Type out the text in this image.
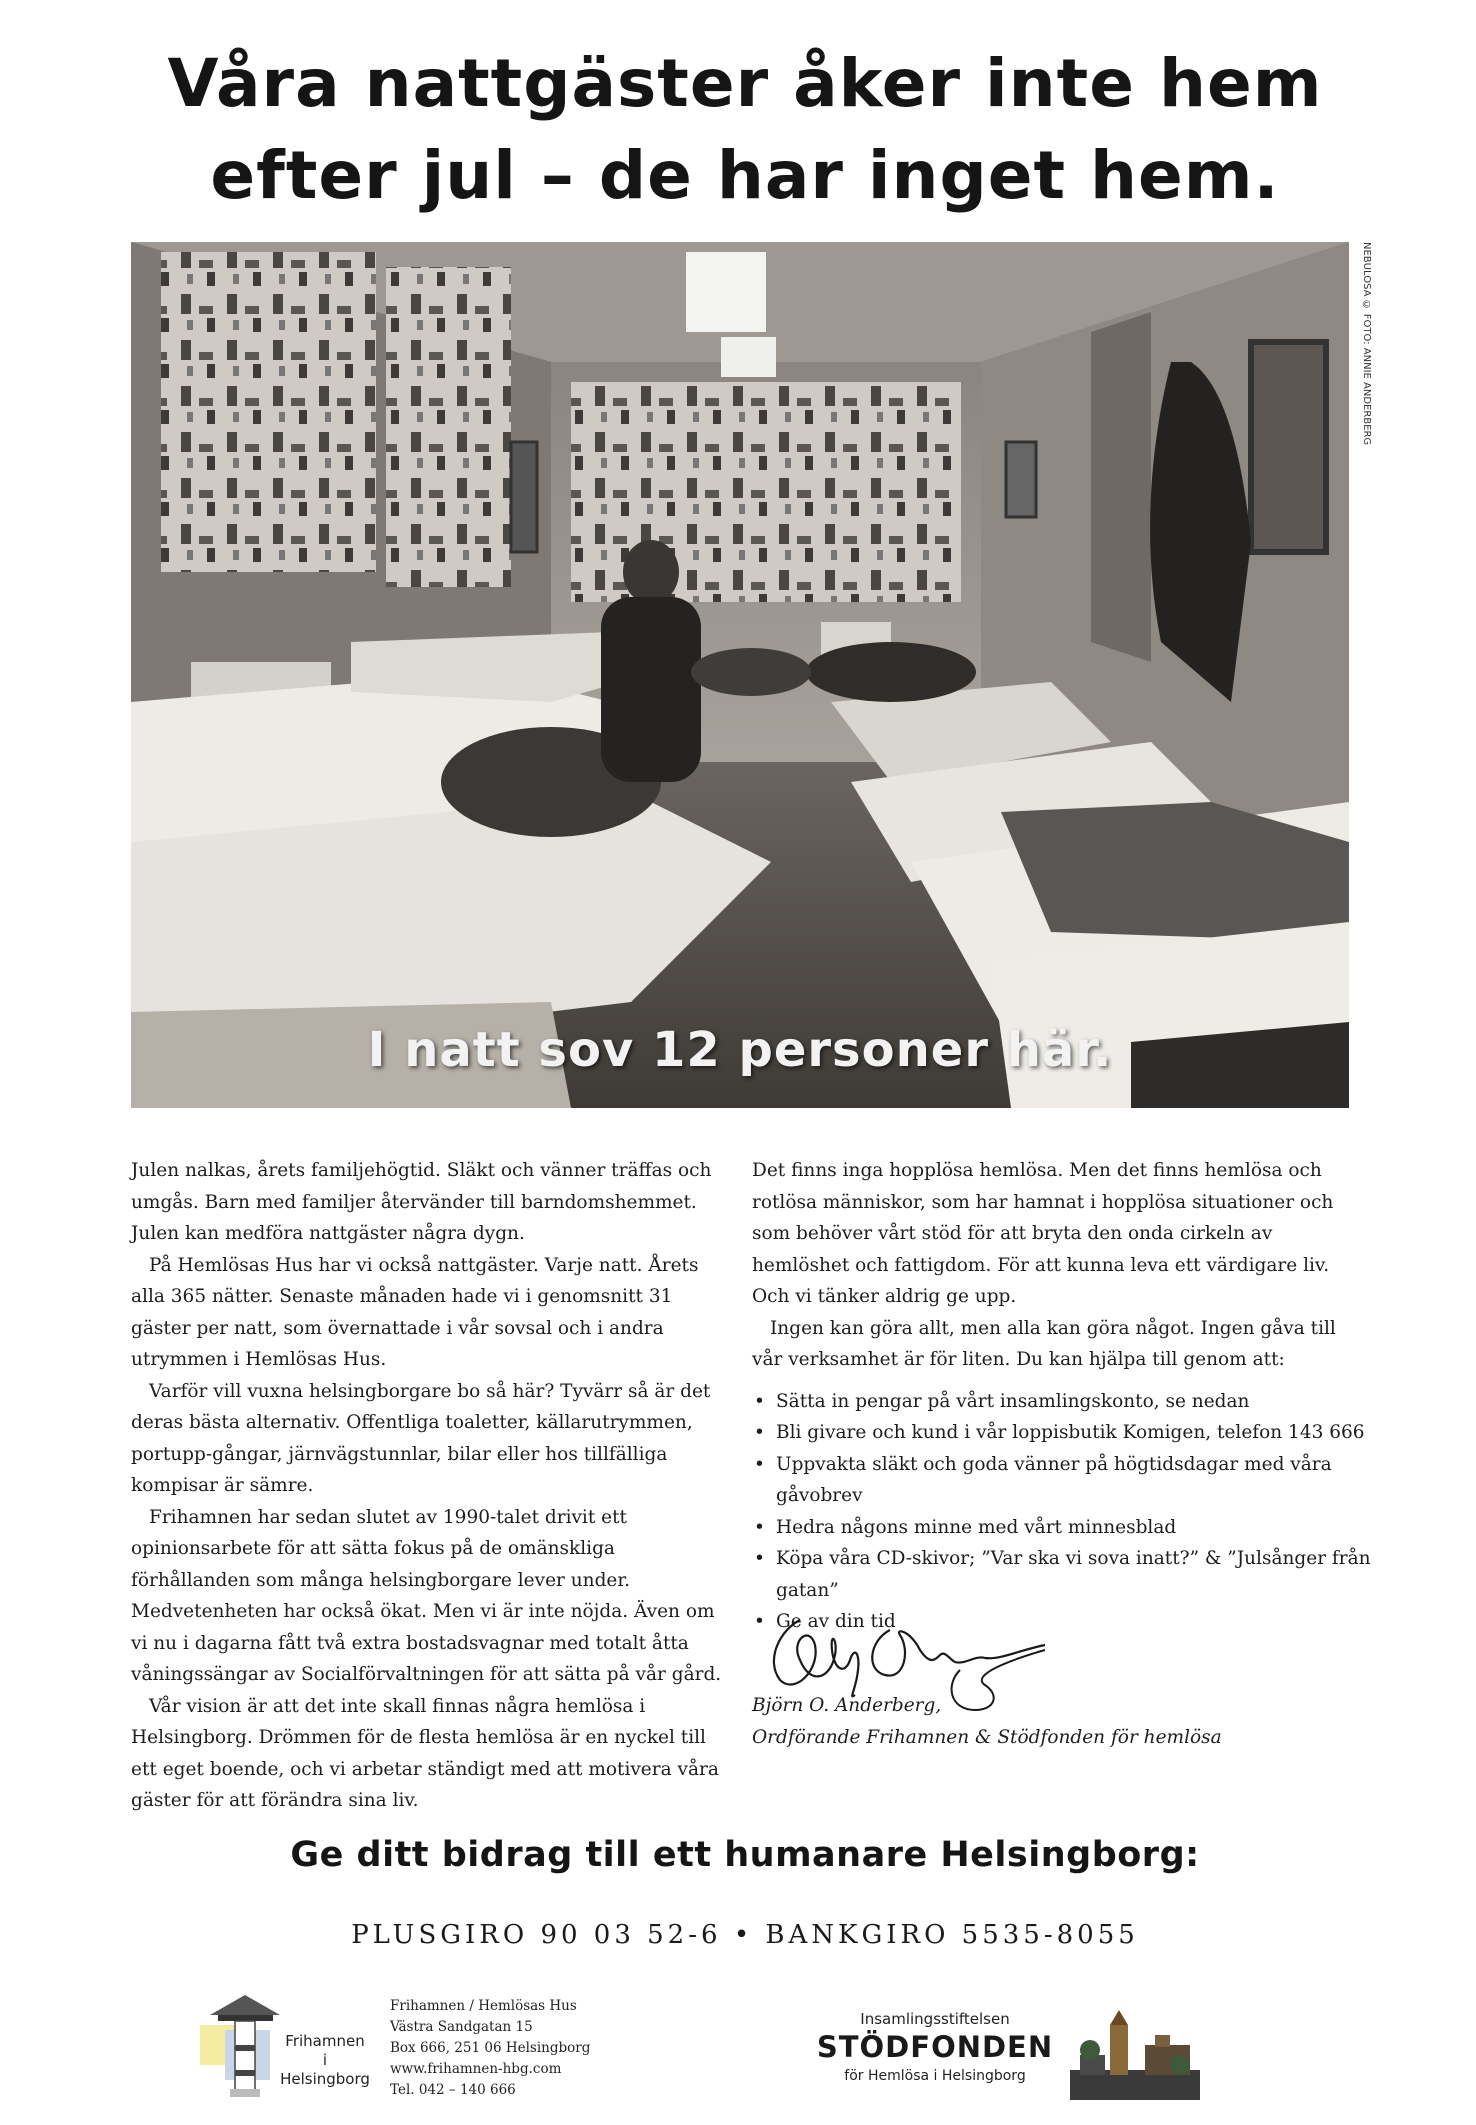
Våra nattgäster åker inte hem
efter jul – de har inget hem.
I natt sov 12 personer här.
NEBULOSA © FOTO: ANNIE ANDERBERG

Julen nalkas, årets familjehögtid. Släkt och vänner träffas och umgås. Barn med familjer återvänder till barndomshemmet. Julen kan medföra nattgäster några dygn.

På Hemlösas Hus har vi också nattgäster. Varje natt. Årets alla 365 nätter. Senaste månaden hade vi i genomsnitt 31 gäster per natt, som övernattade i vår sovsal och i andra utrymmen i Hemlösas Hus.

Varför vill vuxna helsingborgare bo så här? Tyvärr så är det deras bästa alternativ. Offentliga toaletter, källarutrymmen, portupp-gångar, järnvägstunnlar, bilar eller hos tillfälliga kompisar är sämre.

Frihamnen har sedan slutet av 1990-talet drivit ett opinionsarbete för att sätta fokus på de omänskliga förhållanden som många helsingborgare lever under. Medvetenheten har också ökat. Men vi är inte nöjda. Även om vi nu i dagarna fått två extra bostadsvagnar med totalt åtta våningssängar av Socialförvaltningen för att sätta på vår gård.

Vår vision är att det inte skall finnas några hemlösa i Helsingborg. Drömmen för de flesta hemlösa är en nyckel till ett eget boende, och vi arbetar ständigt med att motivera våra gäster för att förändra sina liv.

Det finns inga hopplösa hemlösa. Men det finns hemlösa och rotlösa människor, som har hamnat i hopplösa situationer och som behöver vårt stöd för att bryta den onda cirkeln av hemlöshet och fattigdom. För att kunna leva ett värdigare liv. Och vi tänker aldrig ge upp.

Ingen kan göra allt, men alla kan göra något. Ingen gåva till vår verksamhet är för liten. Du kan hjälpa till genom att:

• Sätta in pengar på vårt insamlingskonto, se nedan
• Bli givare och kund i vår loppisbutik Komigen, telefon 143 666
• Uppvakta släkt och goda vänner på högtidsdagar med våra gåvobrev
• Hedra någons minne med vårt minnesblad
• Köpa våra CD-skivor; ”Var ska vi sova inatt?” & ”Julsånger från gatan”
• Ge av din tid
Björn O. Anderberg,
Ordförande Frihamnen & Stödfonden för hemlösa
Ge ditt bidrag till ett humanare Helsingborg:
PLUSGIRO 90 03 52-6 • BANKGIRO 5535-8055
Frihamnen
i
Helsingborg
Frihamnen / Hemlösas Hus
Västra Sandgatan 15
Box 666, 251 06 Helsingborg
www.frihamnen-hbg.com
Tel. 042 – 140 666
Insamlingsstiftelsen
STÖDFONDEN
för Hemlösa i Helsingborg
